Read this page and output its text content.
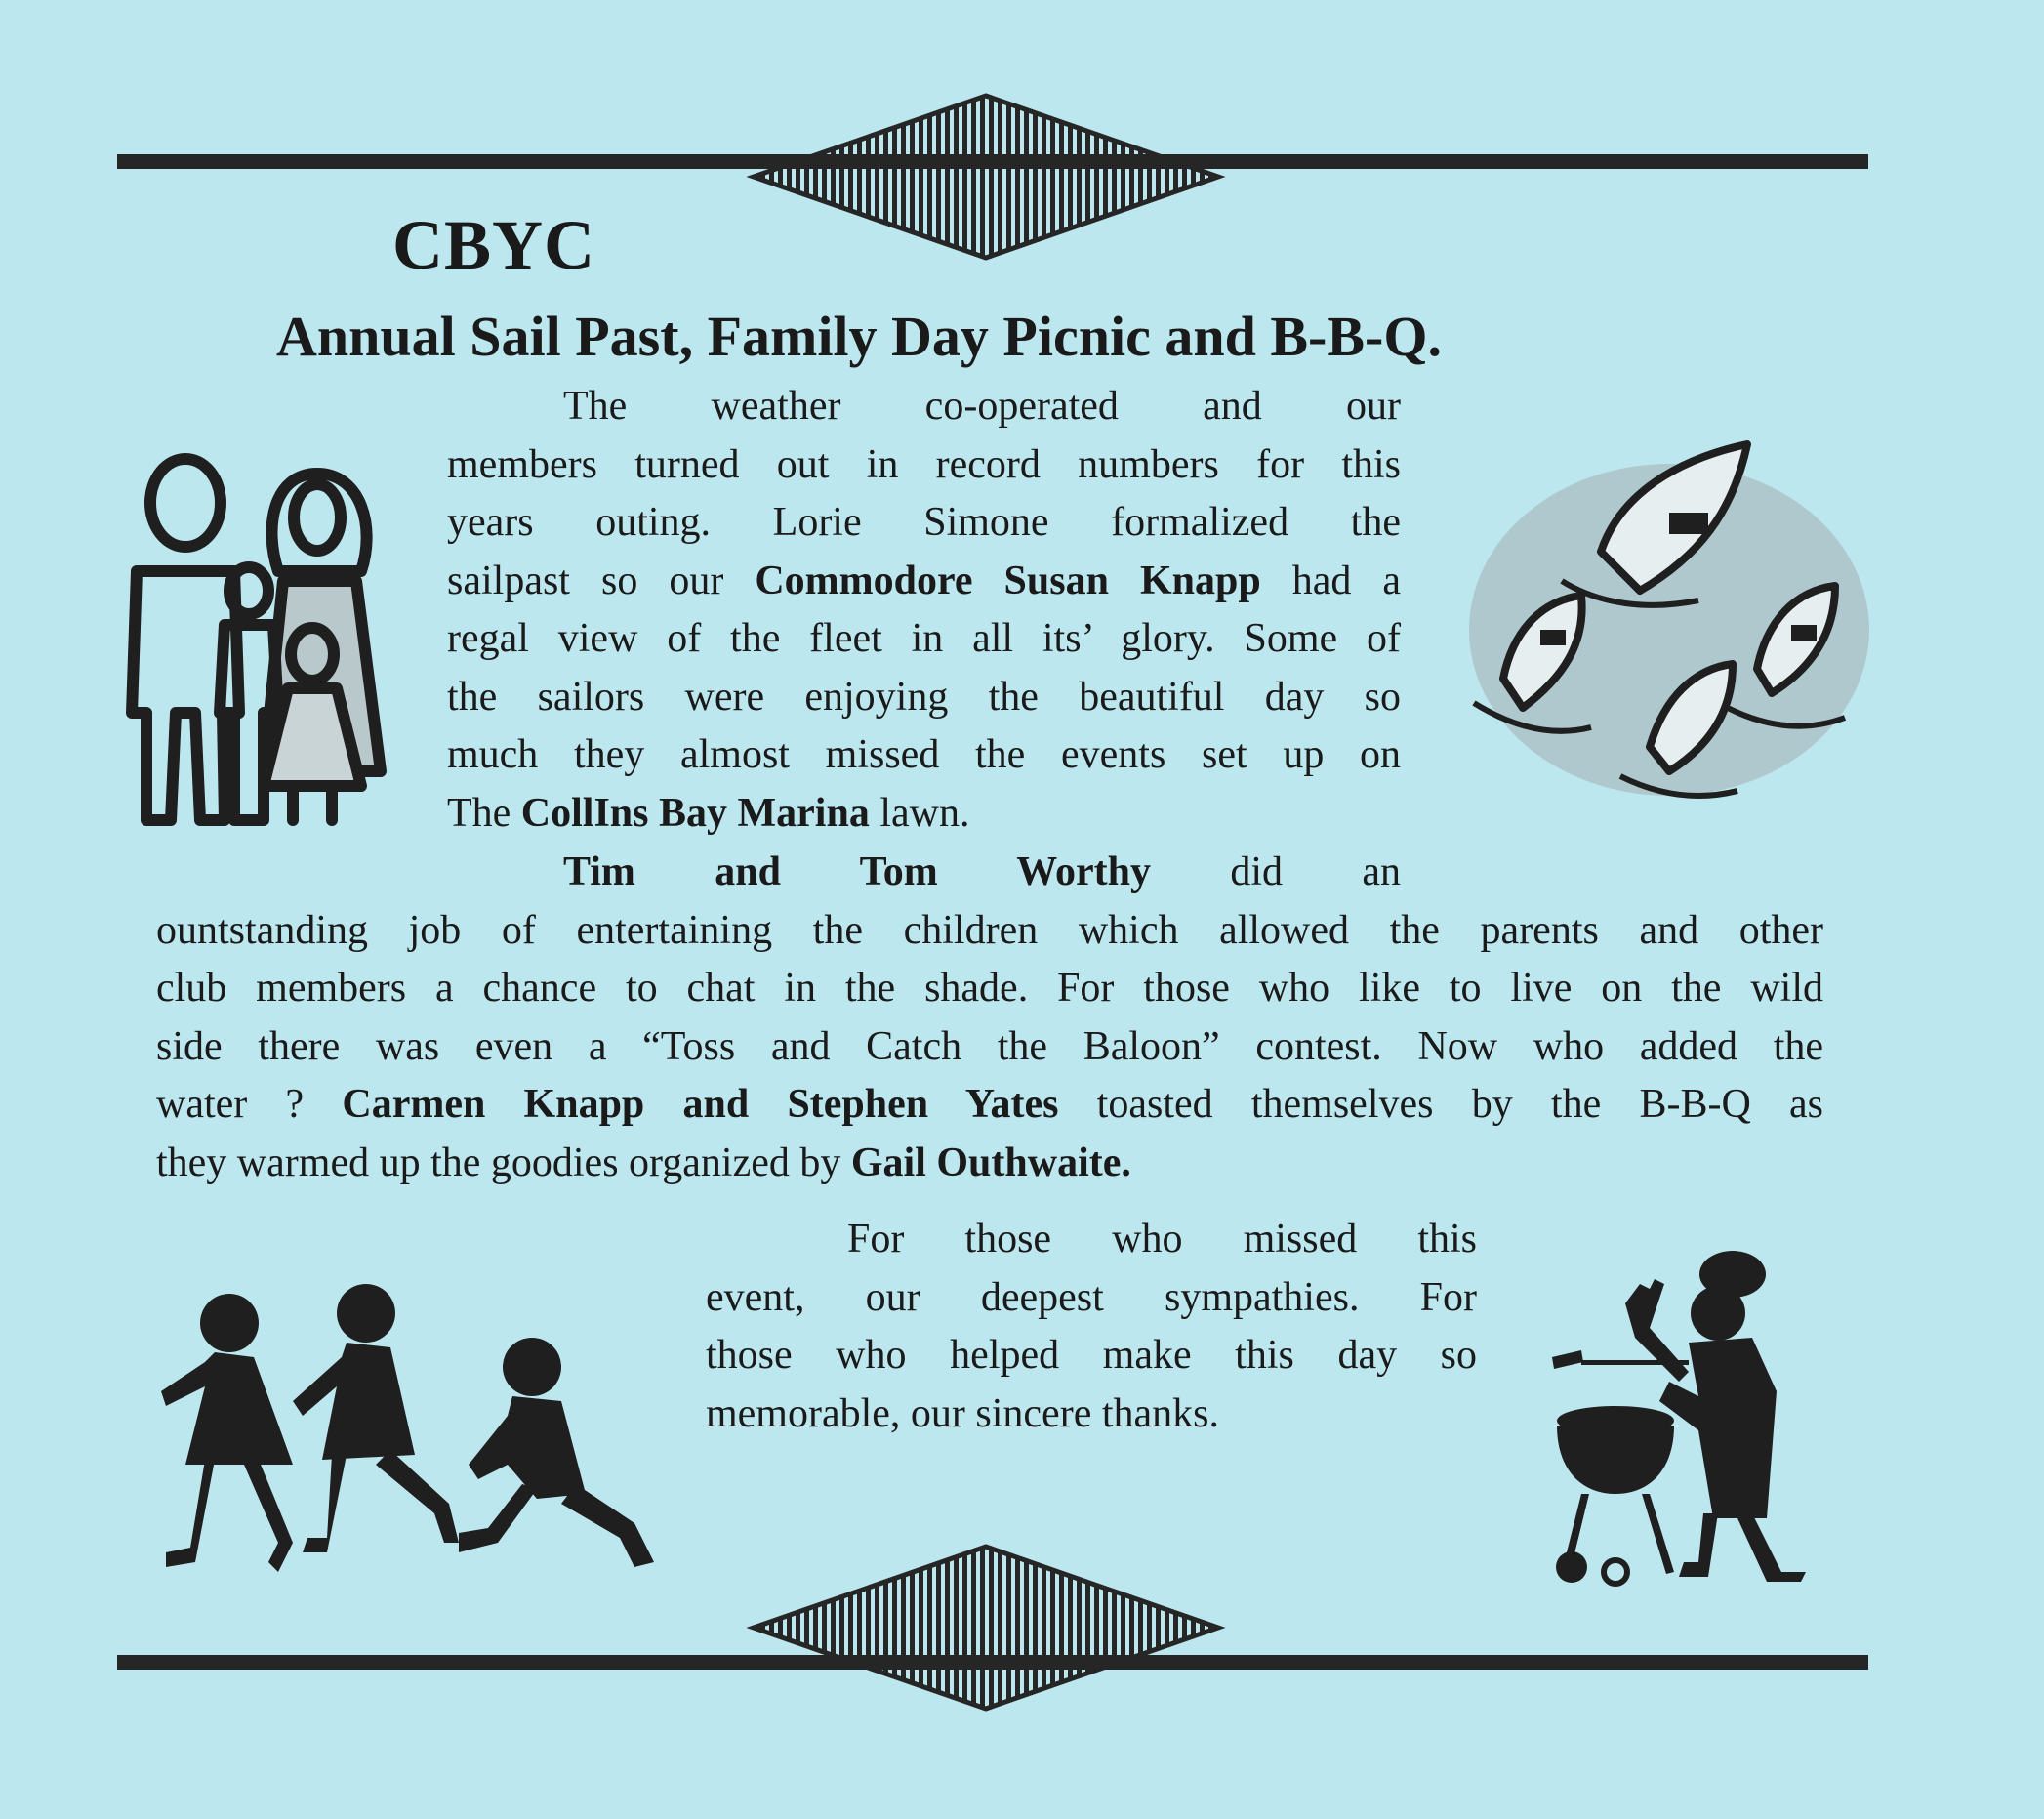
CBYC
Annual Sail Past, Family Day Picnic and B-B-Q.
The weather co-operated and our
members turned out in record numbers for this
years outing. Lorie Simone formalized the
sailpast so our Commodore Susan Knapp had a
regal view of the fleet in all its’ glory. Some of
the sailors were enjoying the beautiful day so
much they almost missed the events set up on
The CollIns Bay Marina lawn.
Tim and Tom Worthy did an
ountstanding job of entertaining the children which allowed the parents and other
club members a chance to chat in the shade. For those who like to live on the wild
side there was even a “Toss and Catch the Baloon” contest. Now who added the
water ? Carmen Knapp and Stephen Yates toasted themselves by the B-B-Q as
they warmed up the goodies organized by Gail Outhwaite.
For those who missed this
event, our deepest sympathies. For
those who helped make this day so
memorable, our sincere thanks.
